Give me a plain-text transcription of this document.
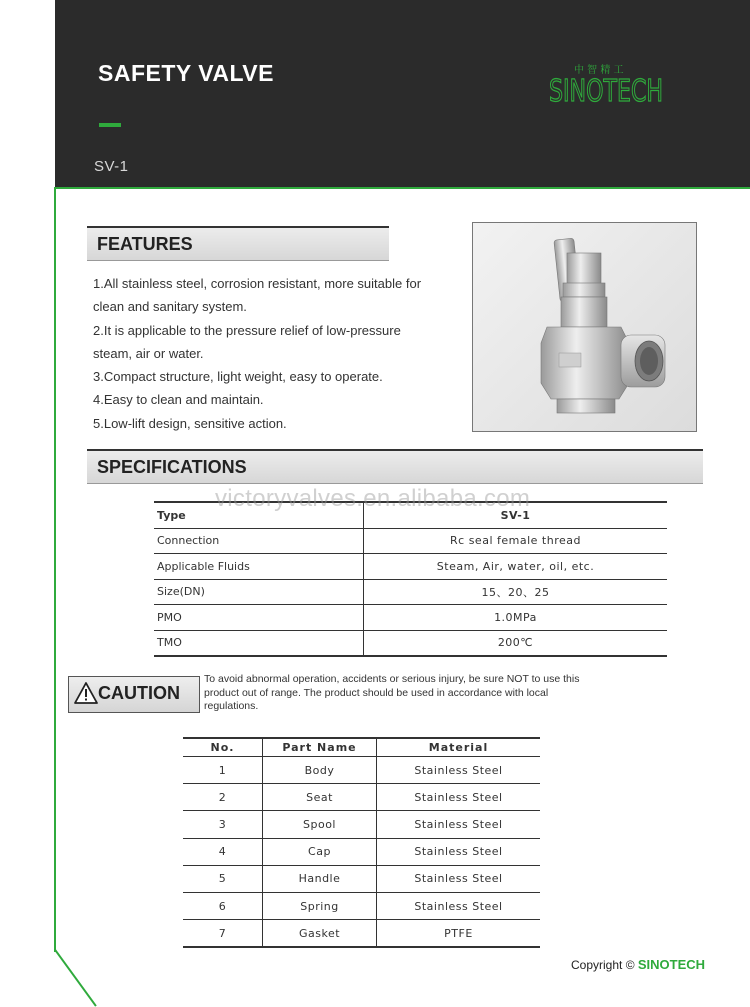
SAFETY VALVE
SV-1
中 智 精 工
SINOTECH
FEATURES
1.All stainless steel, corrosion resistant, more suitable for
clean and sanitary system.
2.It is applicable to the pressure relief of low-pressure
steam, air or water.
3.Compact structure, light weight, easy to operate.
4.Easy to clean and maintain.
5.Low-lift design, sensitive action.
SPECIFICATIONS
Type	SV-1
Connection	Rc seal female thread
Applicable Fluids	Steam, Air, water, oil, etc.
Size(DN)	15、20、25
PMO	1.0MPa
TMO	200℃
victoryvalves.en.alibaba.com
CAUTION
To avoid abnormal operation, accidents or serious injury, be sure NOT to use this product out of range. The product should be used in accordance with local regulations.
No.	Part Name	Material
1	Body	Stainless Steel
2	Seat	Stainless Steel
3	Spool	Stainless Steel
4	Cap	Stainless Steel
5	Handle	Stainless Steel
6	Spring	Stainless Steel
7	Gasket	PTFE
Copyright © SINOTECH
